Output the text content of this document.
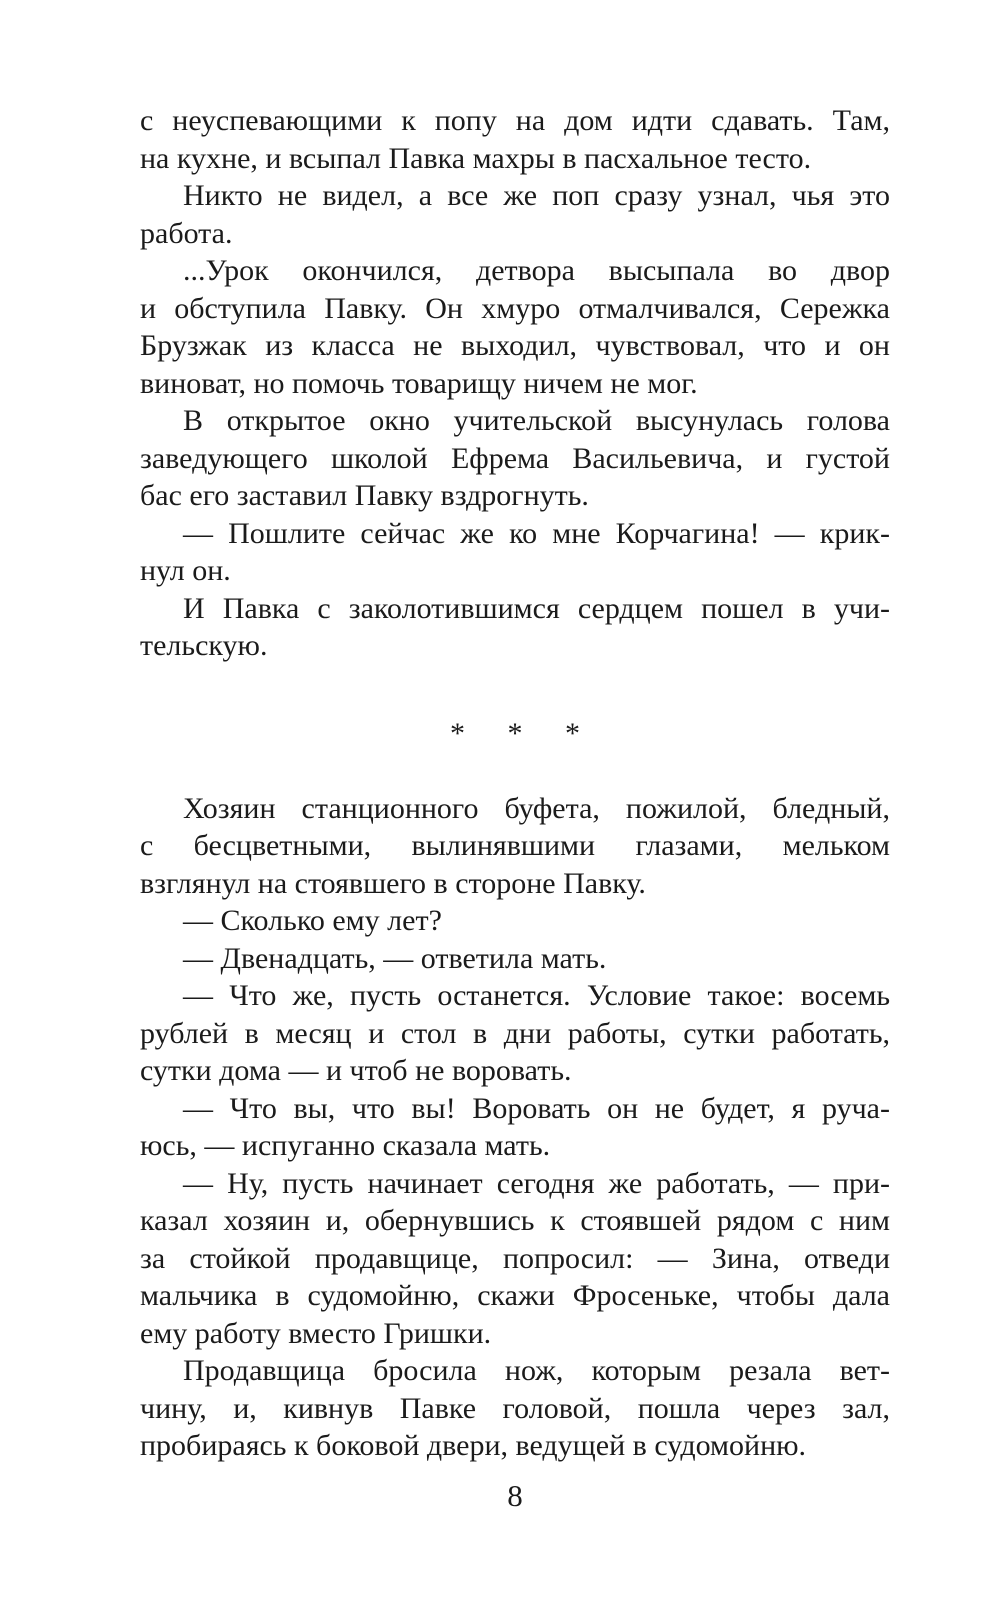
с неуспевающими к попу на дом идти сдавать. Там,
на кухне, и всыпал Павка махры в пасхальное тесто.

Никто не видел, а все же поп сразу узнал, чья это
работа.

...Урок окончился, детвора высыпала во двор
и обступила Павку. Он хмуро отмалчивался, Сережка
Брузжак из класса не выходил, чувствовал, что и он
виноват, но помочь товарищу ничем не мог.

В открытое окно учительской высунулась голова
заведующего школой Ефрема Васильевича, и густой
бас его заставил Павку вздрогнуть.

— Пошлите сейчас же ко мне Корчагина! — крик-
нул он.

И Павка с заколотившимся сердцем пошел в учи-
тельскую.

* * *

Хозяин станционного буфета, пожилой, бледный,
с бесцветными, вылинявшими глазами, мельком
взглянул на стоявшего в стороне Павку.

— Сколько ему лет?

— Двенадцать, — ответила мать.

— Что же, пусть останется. Условие такое: восемь
рублей в месяц и стол в дни работы, сутки работать,
сутки дома — и чтоб не воровать.

— Что вы, что вы! Воровать он не будет, я руча-
юсь, — испуганно сказала мать.

— Ну, пусть начинает сегодня же работать, — при-
казал хозяин и, обернувшись к стоявшей рядом с ним
за стойкой продавщице, попросил: — Зина, отведи
мальчика в судомойню, скажи Фросеньке, чтобы дала
ему работу вместо Гришки.

Продавщица бросила нож, которым резала вет-
чину, и, кивнув Павке головой, пошла через зал,
пробираясь к боковой двери, ведущей в судомойню.

8
